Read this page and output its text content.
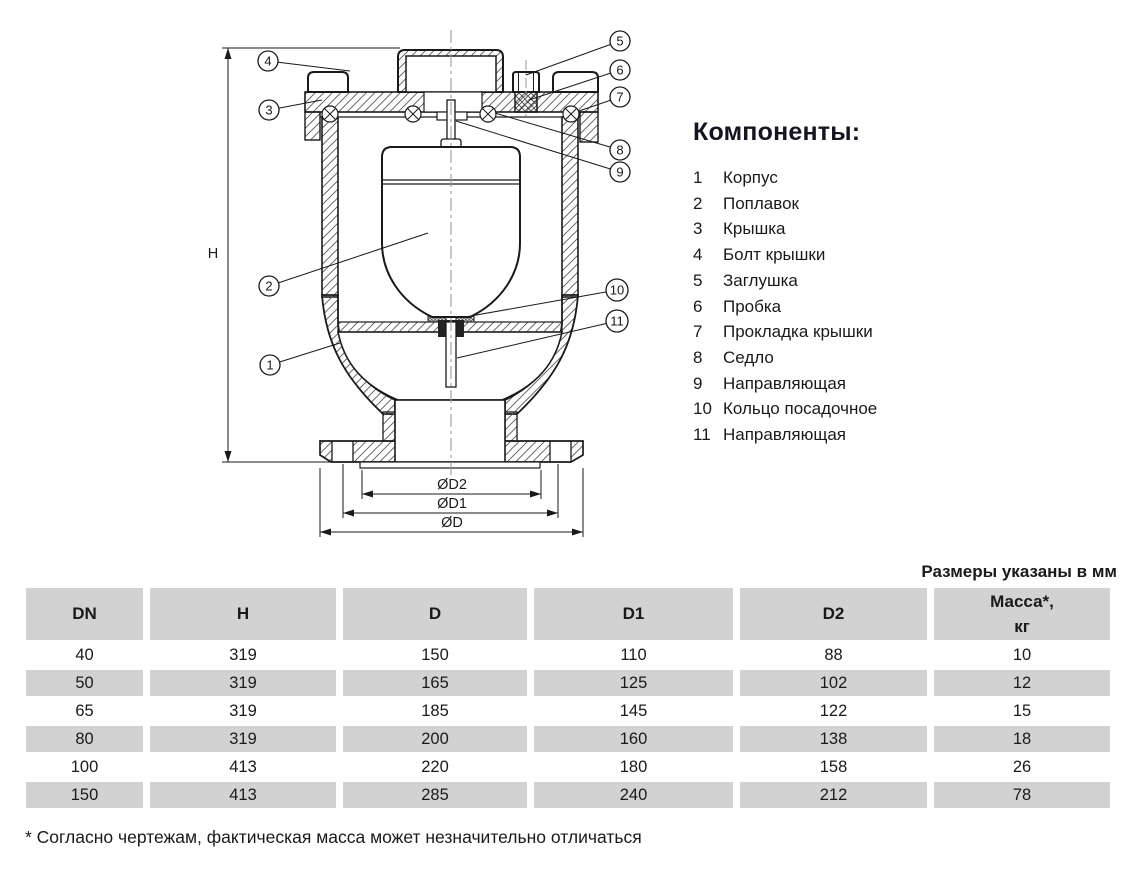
H
ØD2
ØD1
ØD
1
2
3
4
5
6
7
8
9
10
11
Компоненты:
1	Корпус
2	Поплавок
3	Крышка
4	Болт крышки
5	Заглушка
6	Пробка
7	Прокладка крышки
8	Седло
9	Направляющая
10 Кольцо посадочное
11 Направляющая
Размеры указаны в мм
DN	H	D	D1	D2	Масса*,
кг
40	319	150	110	88	10
50	319	165	125	102	12
65	319	185	145	122	15
80	319	200	160	138	18
100	413	220	180	158	26
150	413	285	240	212	78
* Согласно чертежам, фактическая масса может незначительно отличаться
